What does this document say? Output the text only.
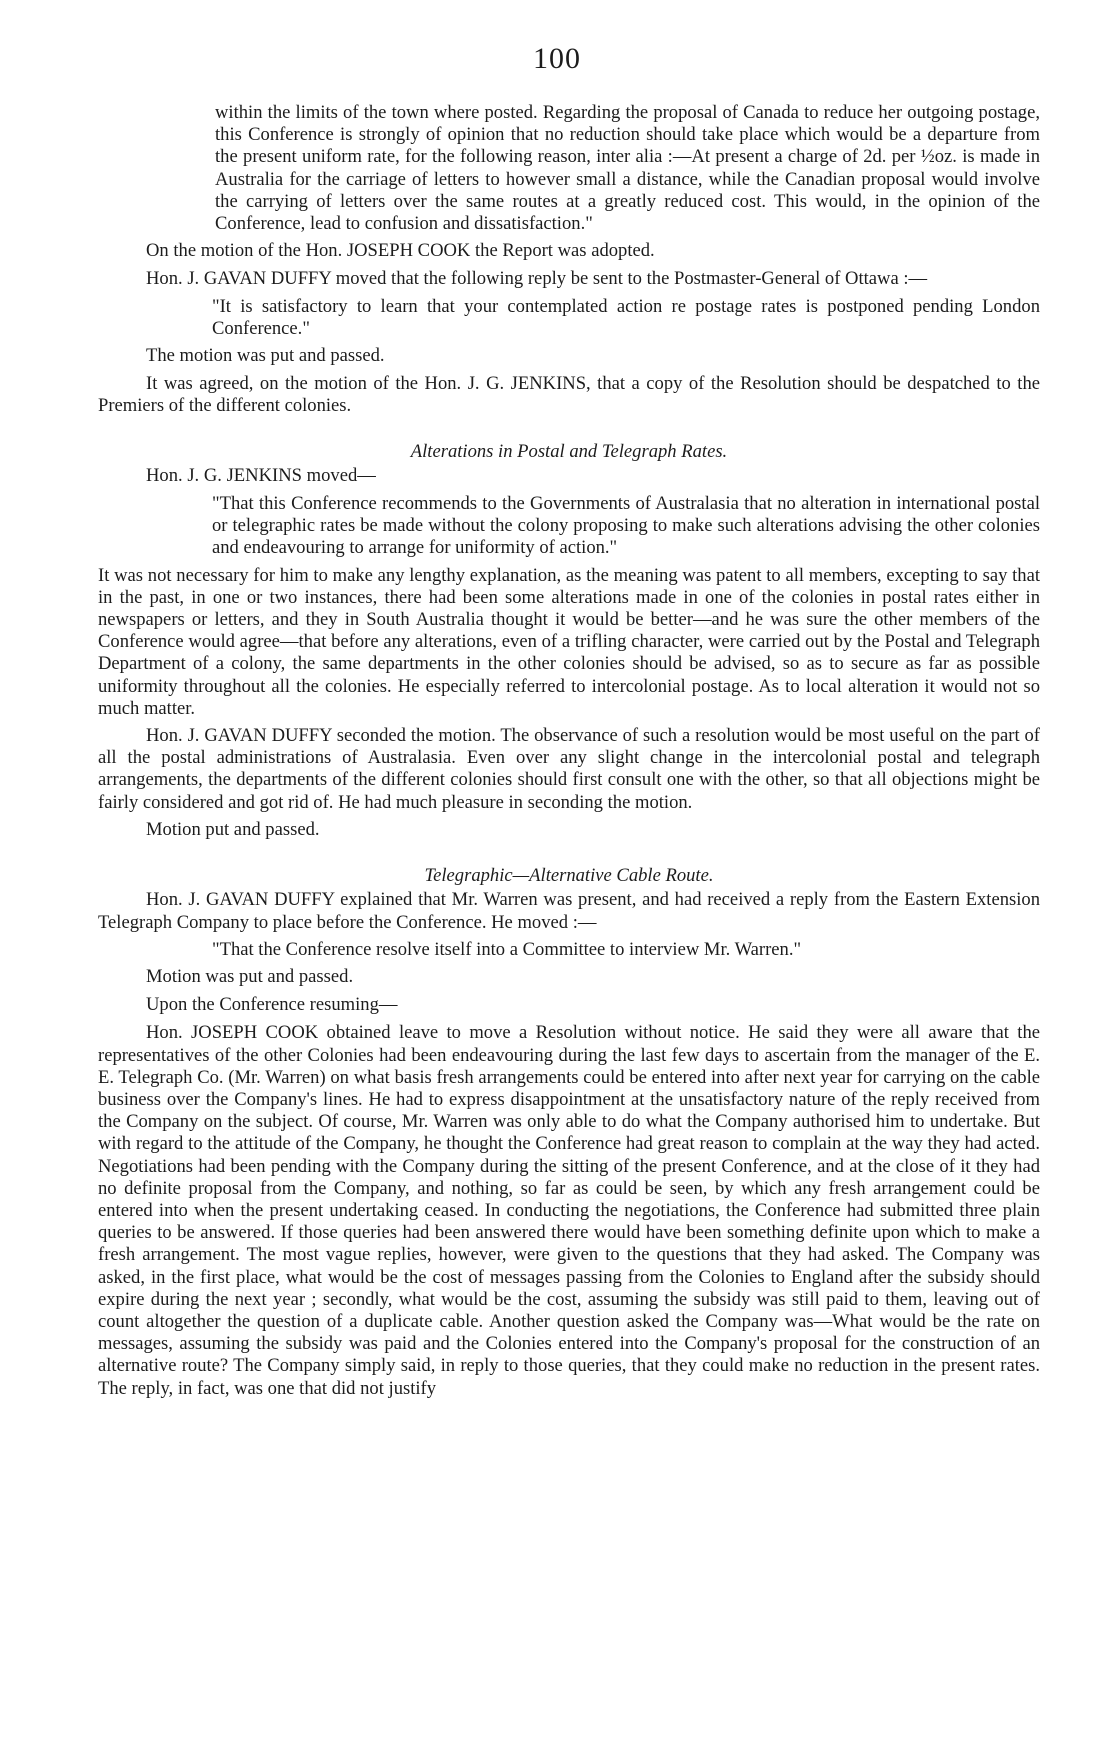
100

within the limits of the town where posted. Regarding the proposal of Canada to reduce her outgoing postage, this Conference is strongly of opinion that no reduction should take place which would be a departure from the present uniform rate, for the following reason, inter alia :—At present a charge of 2d. per ½oz. is made in Australia for the carriage of letters to however small a distance, while the Canadian proposal would involve the carrying of letters over the same routes at a greatly reduced cost. This would, in the opinion of the Conference, lead to confusion and dissatisfaction."

On the motion of the Hon. JOSEPH COOK the Report was adopted.

Hon. J. GAVAN DUFFY moved that the following reply be sent to the Postmaster-General of Ottawa :—

"It is satisfactory to learn that your contemplated action re postage rates is postponed pending London Conference."

The motion was put and passed.

It was agreed, on the motion of the Hon. J. G. JENKINS, that a copy of the Resolution should be despatched to the Premiers of the different colonies.

Alterations in Postal and Telegraph Rates.

Hon. J. G. JENKINS moved—

"That this Conference recommends to the Governments of Australasia that no alteration in international postal or telegraphic rates be made without the colony proposing to make such alterations advising the other colonies and endeavouring to arrange for uniformity of action."

It was not necessary for him to make any lengthy explanation, as the meaning was patent to all members, excepting to say that in the past, in one or two instances, there had been some alterations made in one of the colonies in postal rates either in newspapers or letters, and they in South Australia thought it would be better—and he was sure the other members of the Conference would agree—that before any alterations, even of a trifling character, were carried out by the Postal and Telegraph Department of a colony, the same departments in the other colonies should be advised, so as to secure as far as possible uniformity throughout all the colonies. He especially referred to intercolonial postage. As to local alteration it would not so much matter.

Hon. J. GAVAN DUFFY seconded the motion. The observance of such a resolution would be most useful on the part of all the postal administrations of Australasia. Even over any slight change in the intercolonial postal and telegraph arrangements, the departments of the different colonies should first consult one with the other, so that all objections might be fairly considered and got rid of. He had much pleasure in seconding the motion.

Motion put and passed.

Telegraphic—Alternative Cable Route.

Hon. J. GAVAN DUFFY explained that Mr. Warren was present, and had received a reply from the Eastern Extension Telegraph Company to place before the Conference. He moved :—

"That the Conference resolve itself into a Committee to interview Mr. Warren."

Motion was put and passed.

Upon the Conference resuming—

Hon. JOSEPH COOK obtained leave to move a Resolution without notice. He said they were all aware that the representatives of the other Colonies had been endeavouring during the last few days to ascertain from the manager of the E. E. Telegraph Co. (Mr. Warren) on what basis fresh arrangements could be entered into after next year for carrying on the cable business over the Company's lines. He had to express disappointment at the unsatisfactory nature of the reply received from the Company on the subject. Of course, Mr. Warren was only able to do what the Company authorised him to undertake. But with regard to the attitude of the Company, he thought the Conference had great reason to complain at the way they had acted. Negotiations had been pending with the Company during the sitting of the present Conference, and at the close of it they had no definite proposal from the Company, and nothing, so far as could be seen, by which any fresh arrangement could be entered into when the present undertaking ceased. In conducting the negotiations, the Conference had submitted three plain queries to be answered. If those queries had been answered there would have been something definite upon which to make a fresh arrangement. The most vague replies, however, were given to the questions that they had asked. The Company was asked, in the first place, what would be the cost of messages passing from the Colonies to England after the subsidy should expire during the next year ; secondly, what would be the cost, assuming the subsidy was still paid to them, leaving out of count altogether the question of a duplicate cable. Another question asked the Company was—What would be the rate on messages, assuming the subsidy was paid and the Colonies entered into the Company's proposal for the construction of an alternative route? The Company simply said, in reply to those queries, that they could make no reduction in the present rates. The reply, in fact, was one that did not justify
